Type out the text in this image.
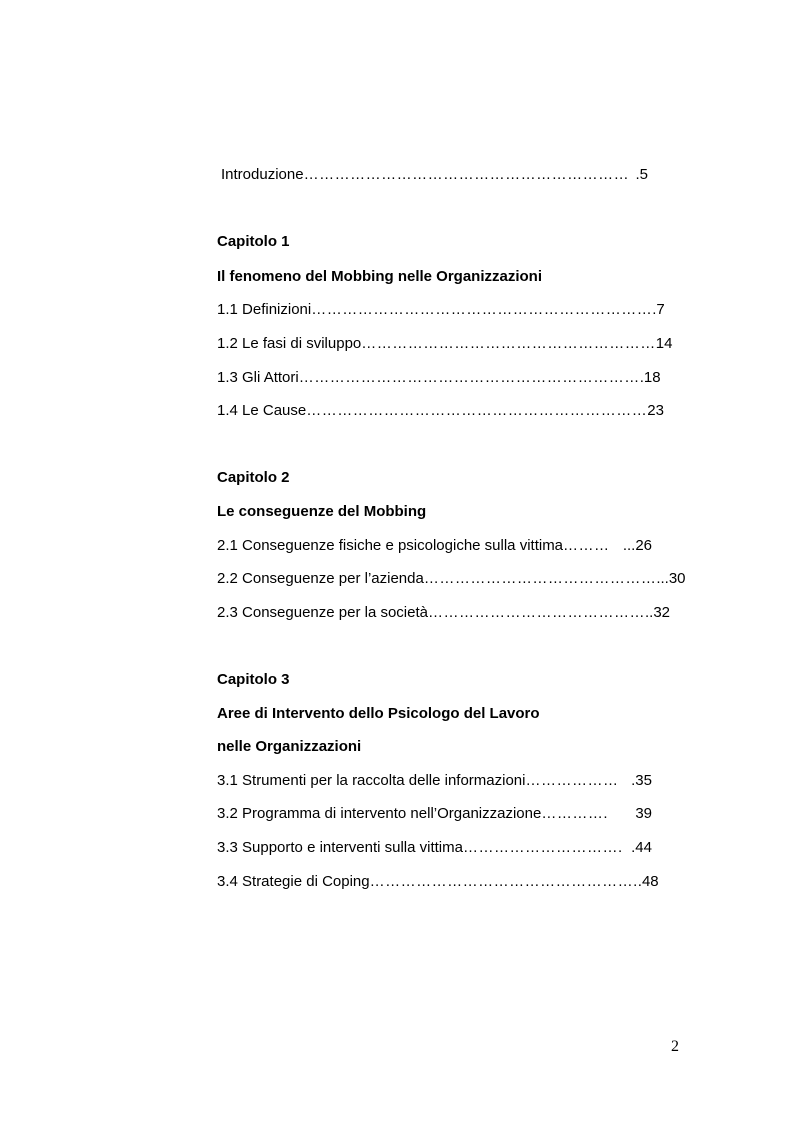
Introduzione ……………………………………………………… .5
Capitolo 1
Il fenomeno del Mobbing nelle Organizzazioni
1.1 Definizioni ………………………………………………………… .7
1.2 Le fasi di sviluppo ………………………………………………… 14
1.3 Gli Attori ………………………………………………………… .18
1.4 Le Cause ………………………………………………………… 23
Capitolo 2
Le conseguenze del Mobbing
2.1 Conseguenze fisiche e psicologiche sulla vittima ……… ...26
2.2 Conseguenze per l’azienda ……………………………………… ...30
2.3 Conseguenze per la società …………………………………… ..32
Capitolo 3
Aree di Intervento dello Psicologo del Lavoro
nelle Organizzazioni
3.1 Strumenti per la raccolta delle informazioni ……………… .35
3.2 Programma di intervento nell’Organizzazione ………….	39
3.3 Supporto e interventi sulla vittima …………………………. .44
3.4 Strategie di Coping ……………………………………………. .48
2
